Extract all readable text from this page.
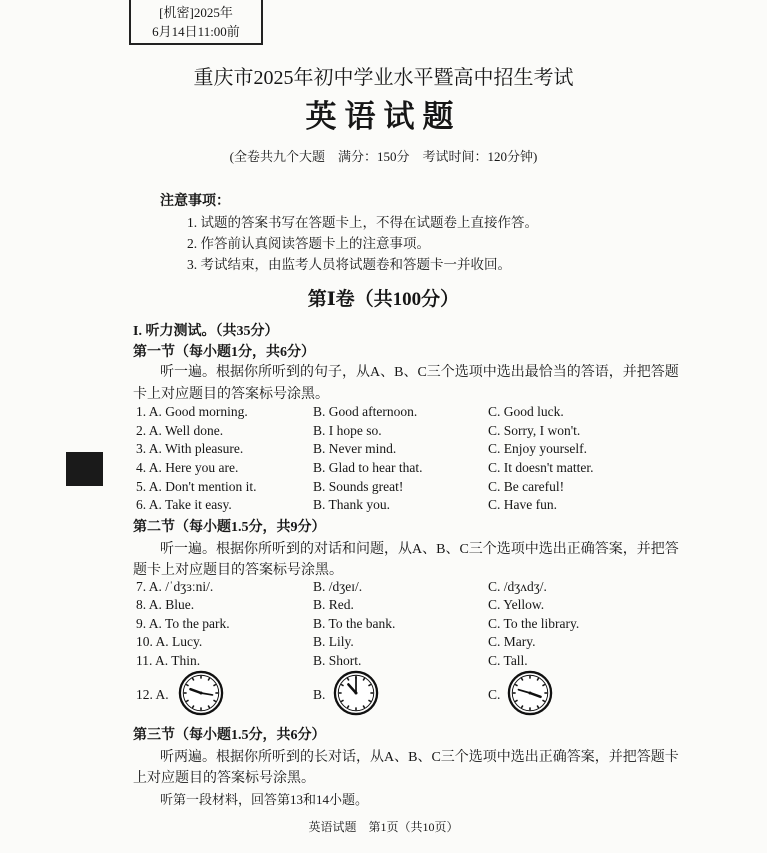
[机密]2025年
6月14日11:00前
重庆市2025年初中学业水平暨高中招生考试
英语试题
(全卷共九个大题　满分：150分　考试时间：120分钟)
注意事项：
1. 试题的答案书写在答题卡上，不得在试题卷上直接作答。
2. 作答前认真阅读答题卡上的注意事项。
3. 考试结束，由监考人员将试题卷和答题卡一并收回。
第Ⅰ卷（共100分）
I. 听力测试。（共35分）
第一节（每小题1分，共6分）
听一遍。根据你所听到的句子，从A、B、C三个选项中选出最恰当的答语，并把答题
卡上对应题目的答案标号涂黑。
1. A. Good morning.	B. Good afternoon.	C. Good luck.
2. A. Well done.	B. I hope so.	C. Sorry, I won't.
3. A. With pleasure.	B. Never mind.	C. Enjoy yourself.
4. A. Here you are.	B. Glad to hear that.	C. It doesn't matter.
5. A. Don't mention it.	B. Sounds great!	C. Be careful!
6. A. Take it easy.	B. Thank you.	C. Have fun.
第二节（每小题1.5分，共9分）
听一遍。根据你所听到的对话和问题，从A、B、C三个选项中选出正确答案，并把答
题卡上对应题目的答案标号涂黑。
7. A. /ˈdʒɜːni/.	B. /dʒeɪ/.	C. /dʒʌdʒ/.
8. A. Blue.	B. Red.	C. Yellow.
9. A. To the park.	B. To the bank.	C. To the library.
10. A. Lucy.	B. Lily.	C. Mary.
11. A. Thin.	B. Short.	C. Tall.
12. A.	B.	C.
第三节（每小题1.5分，共6分）
听两遍。根据你所听到的长对话，从A、B、C三个选项中选出正确答案，并把答题卡
上对应题目的答案标号涂黑。
听第一段材料，回答第13和14小题。
英语试题　第1页（共10页）
